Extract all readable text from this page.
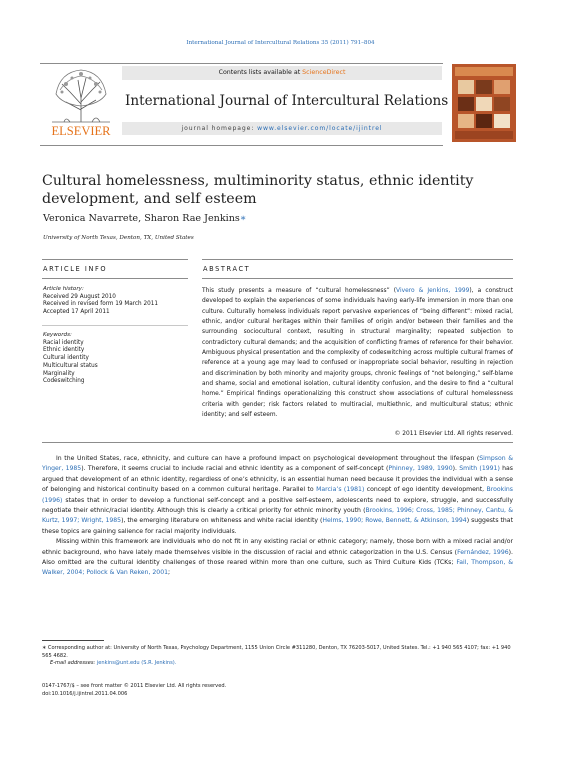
International Journal of Intercultural Relations 35 (2011) 791–804
ELSEVIER
Contents lists available at ScienceDirect
International Journal of Intercultural Relations
journal homepage: www.elsevier.com/locate/ijintrel
Cultural homelessness, multiminority status, ethnic identity development, and self esteem
Veronica Navarrete, Sharon Rae Jenkins∗
University of North Texas, Denton, TX, United States
ARTICLE INFO
Article history:
Received 29 August 2010
Received in revised form 19 March 2011
Accepted 17 April 2011
Keywords:
Racial identity
Ethnic identity
Cultural identity
Multicultural status
Marginality
Codeswitching
ABSTRACT
This study presents a measure of “cultural homelessness” (Vivero & Jenkins, 1999), a construct developed to explain the experiences of some individuals having early-life immersion in more than one culture. Culturally homeless individuals report pervasive experiences of “being different”: mixed racial, ethnic, and/or cultural heritages within their families of origin and/or between their families and the surrounding sociocultural context, resulting in structural marginality; repeated subjection to contradictory cultural demands; and the acquisition of conflicting frames of reference for their behavior. Ambiguous physical presentation and the complexity of codeswitching across multiple cultural frames of reference at a young age may lead to confused or inappropriate social behavior, resulting in rejection and discrimination by both minority and majority groups, chronic feelings of “not belonging,” self-blame and shame, social and emotional isolation, cultural identity confusion, and the desire to find a “cultural home.” Empirical findings operationalizing this construct show associations of cultural homelessness criteria with gender; risk factors related to multiracial, multiethnic, and multicultural status; ethnic identity; and self esteem.
© 2011 Elsevier Ltd. All rights reserved.

In the United States, race, ethnicity, and culture can have a profound impact on psychological development throughout the lifespan (Simpson & Yinger, 1985). Therefore, it seems crucial to include racial and ethnic identity as a component of self-concept (Phinney, 1989, 1990). Smith (1991) has argued that development of an ethnic identity, regardless of one’s ethnicity, is an essential human need because it provides the individual with a sense of belonging and historical continuity based on a common cultural heritage. Parallel to Marcia’s (1981) concept of ego identity development, Brookins (1996) states that in order to develop a functional self-concept and a positive self-esteem, adolescents need to explore, struggle, and successfully negotiate their ethnic/racial identity. Although this is clearly a critical priority for ethnic minority youth (Brookins, 1996; Cross, 1985; Phinney, Cantu, & Kurtz, 1997; Wright, 1985), the emerging literature on whiteness and white racial identity (Helms, 1990; Rowe, Bennett, & Atkinson, 1994) suggests that these topics are gaining salience for racial majority individuals.

Missing within this framework are individuals who do not fit in any existing racial or ethnic category; namely, those born with a mixed racial and/or ethnic background, who have lately made themselves visible in the discussion of racial and ethnic categorization in the U.S. Census (Fernández, 1996). Also omitted are the cultural identity challenges of those reared within more than one culture, such as Third Culture Kids (TCKs; Fail, Thompson, & Walker, 2004; Pollock & Van Reken, 2001;

∗ Corresponding author at: University of North Texas, Psychology Department, 1155 Union Circle #311280, Denton, TX 76203-5017, United States. Tel.: +1 940 565 4107; fax: +1 940 565 4682.
E-mail addresses: jenkins@unt.edu (S.R. Jenkins).
0147-1767/$ – see front matter © 2011 Elsevier Ltd. All rights reserved.
doi:10.1016/j.ijintrel.2011.04.006
